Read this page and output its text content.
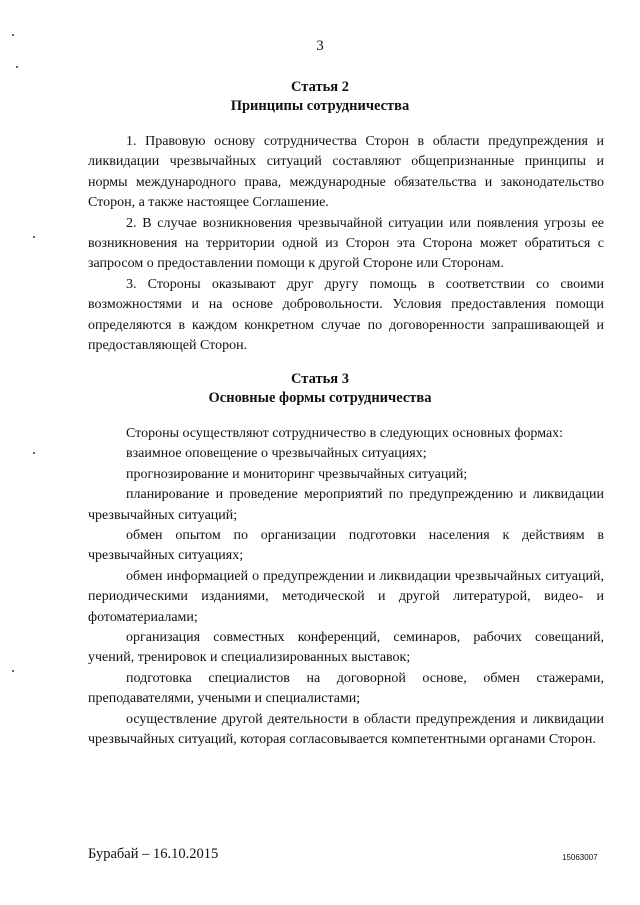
3
Статья 2
Принципы сотрудничества

1. Правовую основу сотрудничества Сторон в области предупреждения и ликвидации чрезвычайных ситуаций составляют общепризнанные принципы и нормы международного права, международные обязательства и законодательство Сторон, а также настоящее Соглашение.

2. В случае возникновения чрезвычайной ситуации или появления угрозы ее возникновения на территории одной из Сторон эта Сторона может обратиться с запросом о предоставлении помощи к другой Стороне или Сторонам.

3. Стороны оказывают друг другу помощь в соответствии со своими возможностями и на основе добровольности. Условия предоставления помощи определяются в каждом конкретном случае по договоренности запрашивающей и предоставляющей Сторон.

Статья 3
Основные формы сотрудничества

Стороны осуществляют сотрудничество в следующих основных формах:

взаимное оповещение о чрезвычайных ситуациях;

прогнозирование и мониторинг чрезвычайных ситуаций;

планирование и проведение мероприятий по предупреждению и ликвидации чрезвычайных ситуаций;

обмен опытом по организации подготовки населения к действиям в чрезвычайных ситуациях;

обмен информацией о предупреждении и ликвидации чрезвычайных ситуаций, периодическими изданиями, методической и другой литературой, видео- и фотоматериалами;

организация совместных конференций, семинаров, рабочих совещаний, учений, тренировок и специализированных выставок;

подготовка специалистов на договорной основе, обмен стажерами, преподавателями, учеными и специалистами;

осуществление другой деятельности в области предупреждения и ликвидации чрезвычайных ситуаций, которая согласовывается компетентными органами Сторон.

Бурабай – 16.10.2015	15063007
